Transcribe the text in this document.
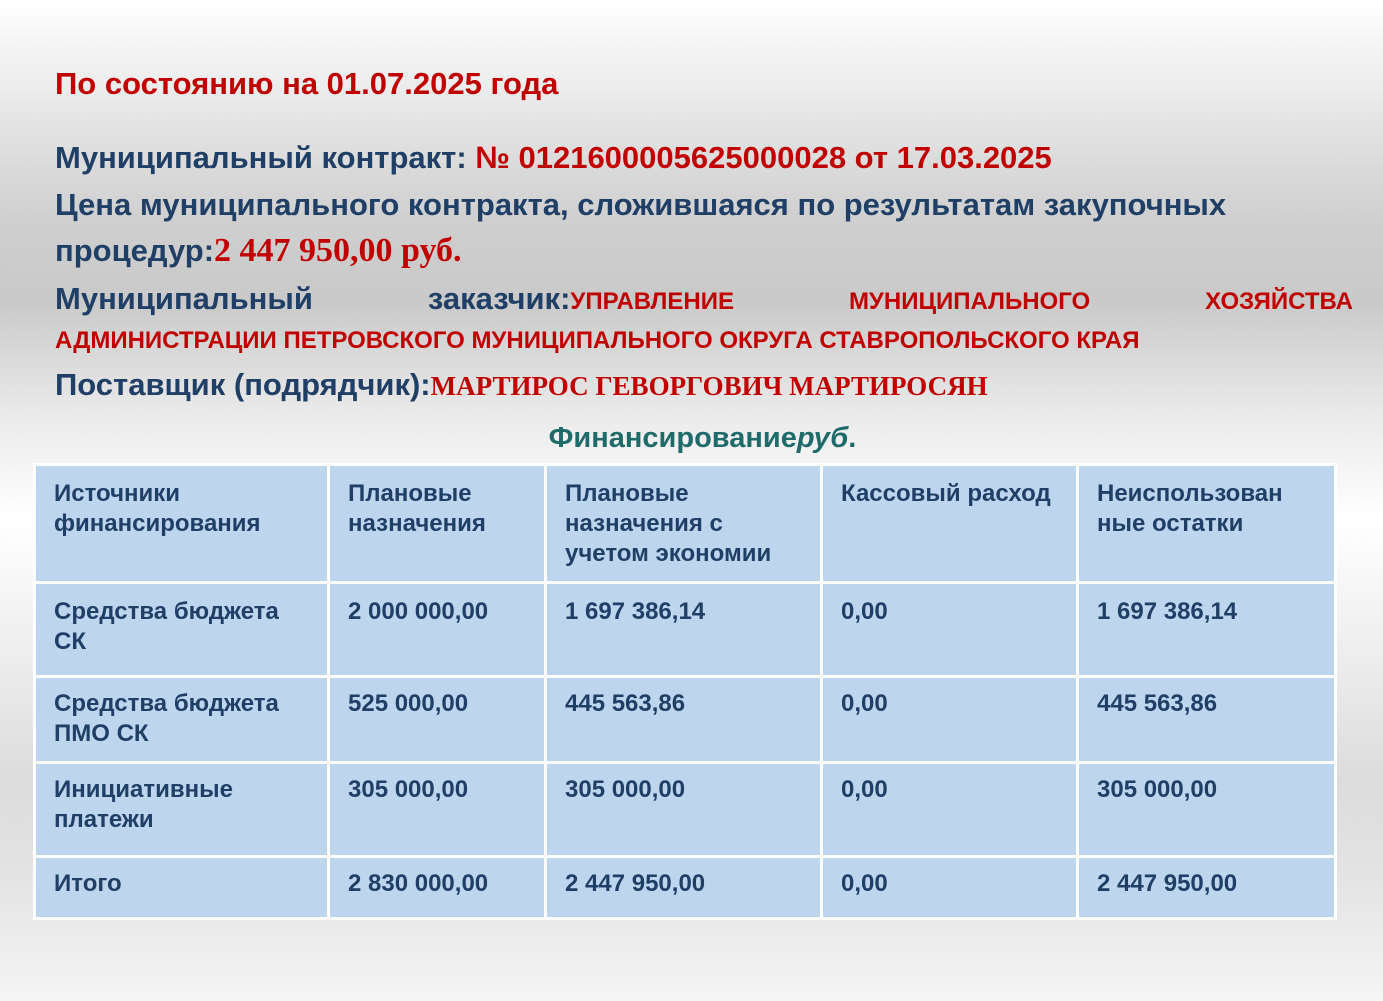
По состоянию на 01.07.2025 года
Муниципальный контракт: № 0121600005625000028 от 17.03.2025
Цена муниципального контракта, сложившаяся по результатам закупочных
процедур:2 447 950,00 руб.
Муниципальный	заказчик:УПРАВЛЕНИЕ	МУНИЦИПАЛЬНОГО	ХОЗЯЙСТВА
АДМИНИСТРАЦИИ ПЕТРОВСКОГО МУНИЦИПАЛЬНОГО ОКРУГА СТАВРОПОЛЬСКОГО КРАЯ
Поставщик (подрядчик):МАРТИРОС ГЕВОРГОВИЧ МАРТИРОСЯН
Финансированиеруб.
Источники финансирования	Плановые назначения	Плановые назначения с учетом экономии	Кассовый расход	Неиспользован ные остатки
Средства бюджета СК	2 000 000,00	1 697 386,14	0,00	1 697 386,14
Средства бюджета ПМО СК	525 000,00	445 563,86	0,00	445 563,86
Инициативные платежи	305 000,00	305 000,00	0,00	305 000,00
Итого	2 830 000,00	2 447 950,00	0,00	2 447 950,00
